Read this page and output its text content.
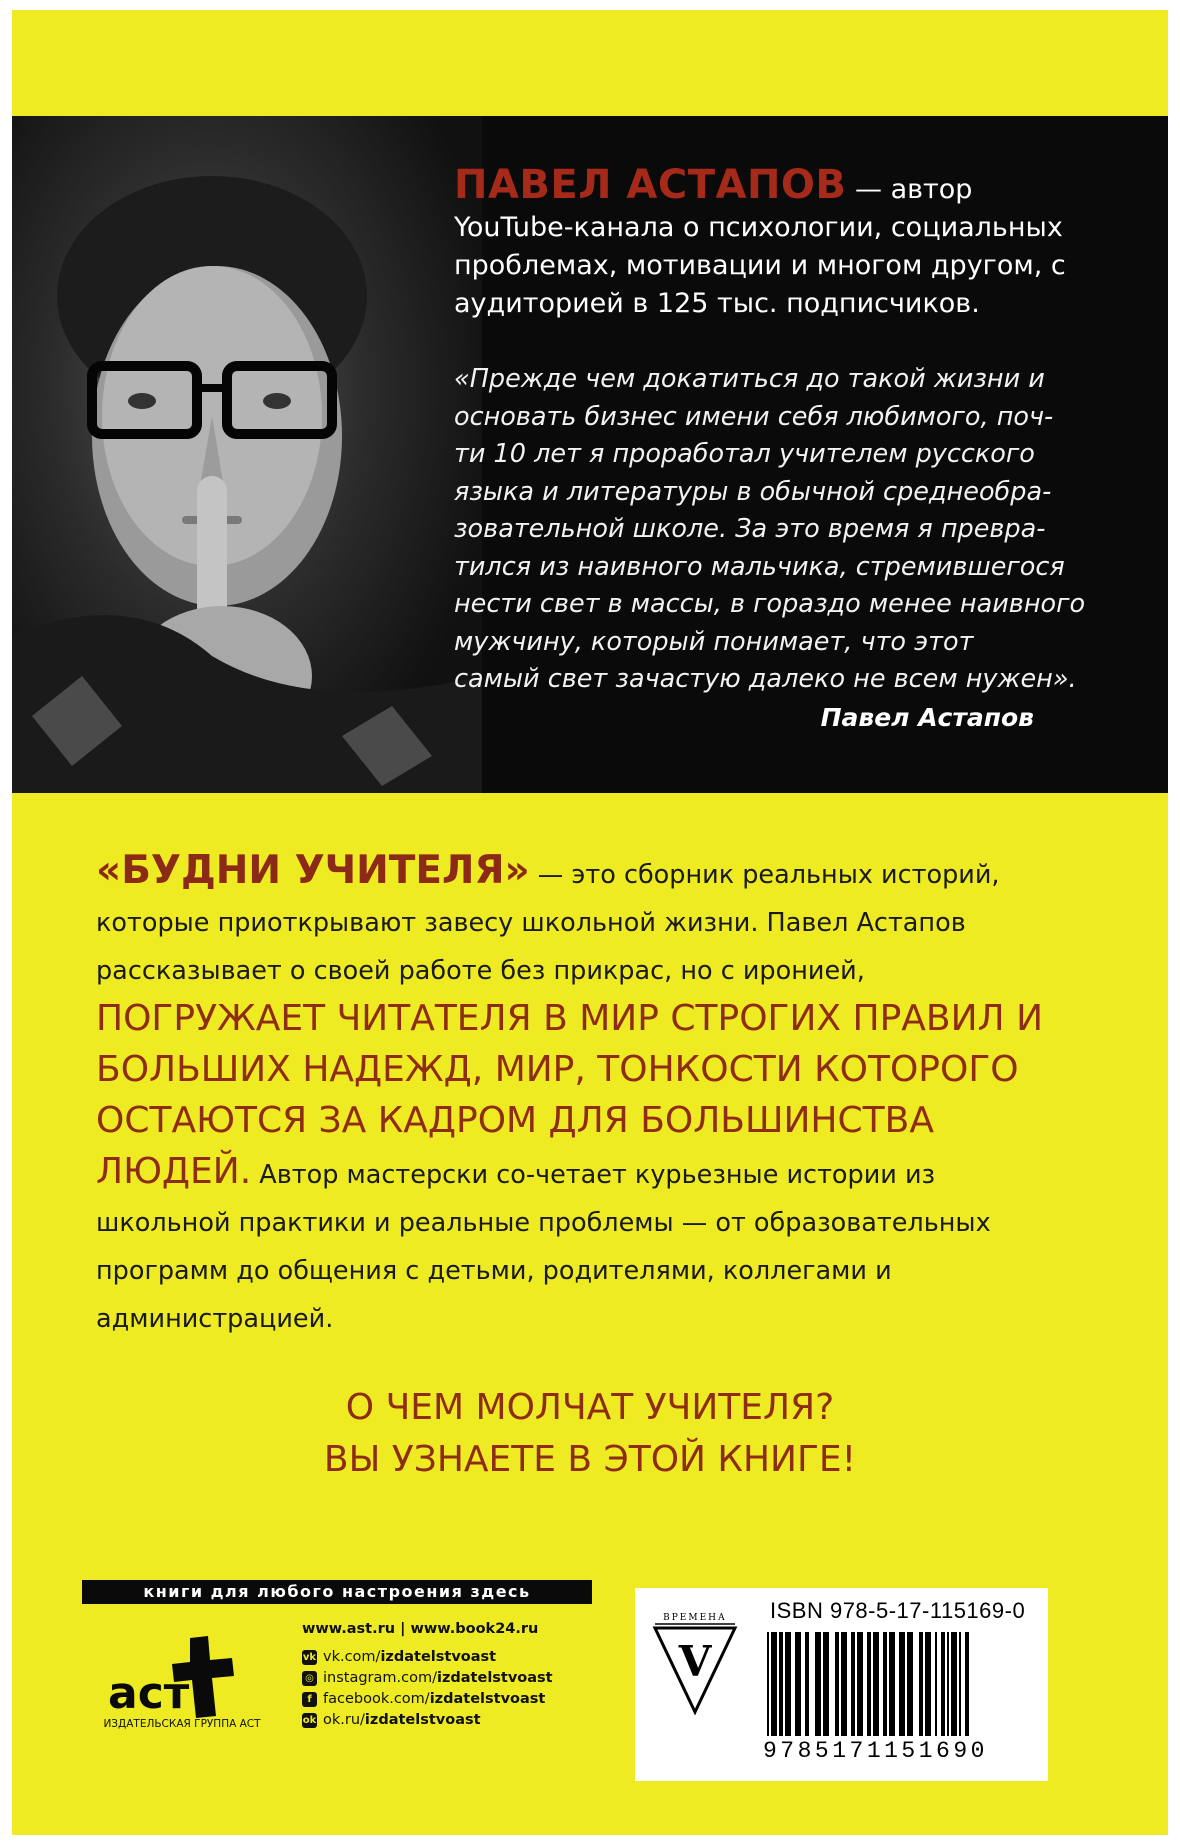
ПАВЕЛ АСТАПОВ — автор YouTube-канала о психологии, социальных проблемах, мотивации и многом другом, с аудиторией в 125 тыс. подписчиков.

«Прежде чем докатиться до такой жизни и
основать бизнес имени себя любимого, поч-
ти 10 лет я проработал учителем русского
языка и литературы в обычной среднеобра-
зовательной школе. За это время я превра-
тился из наивного мальчика, стремившегося
нести свет в массы, в гораздо менее наивного
мужчину, который понимает, что этот
самый свет зачастую далеко не всем нужен».
Павел Астапов
«БУДНИ УЧИТЕЛЯ» — это сборник реальных историй, которые приоткрывают завесу школьной жизни. Павел Астапов рассказывает о своей работе без прикрас, но с иронией, ПОГРУЖАЕТ ЧИТАТЕЛЯ В МИР СТРОГИХ ПРАВИЛ И БОЛЬШИХ НАДЕЖД, МИР, ТОНКОСТИ КОТОРОГО ОСТАЮТСЯ ЗА КАДРОМ ДЛЯ БОЛЬШИНСТВА ЛЮДЕЙ. Автор мастерски со-четает курьезные истории из школьной практики и реальные проблемы — от образовательных программ до общения с детьми, родителями, коллегами и администрацией.
О ЧЕМ МОЛЧАТ УЧИТЕЛЯ?
ВЫ УЗНАЕТЕ В ЭТОЙ КНИГЕ!
книги для любого настроения здесь
аст
ИЗДАТЕЛЬСКАЯ ГРУППА АСТ
www.ast.ru | www.book24.ru
vk vk.com/ izdatelstvoast
◎ instagram.com/ izdatelstvoast
f facebook.com/ izdatelstvoast
ok ok.ru/ izdatelstvoast
ВРЕМЕНА
V
ISBN 978-5-17-115169-0
9785171151690
